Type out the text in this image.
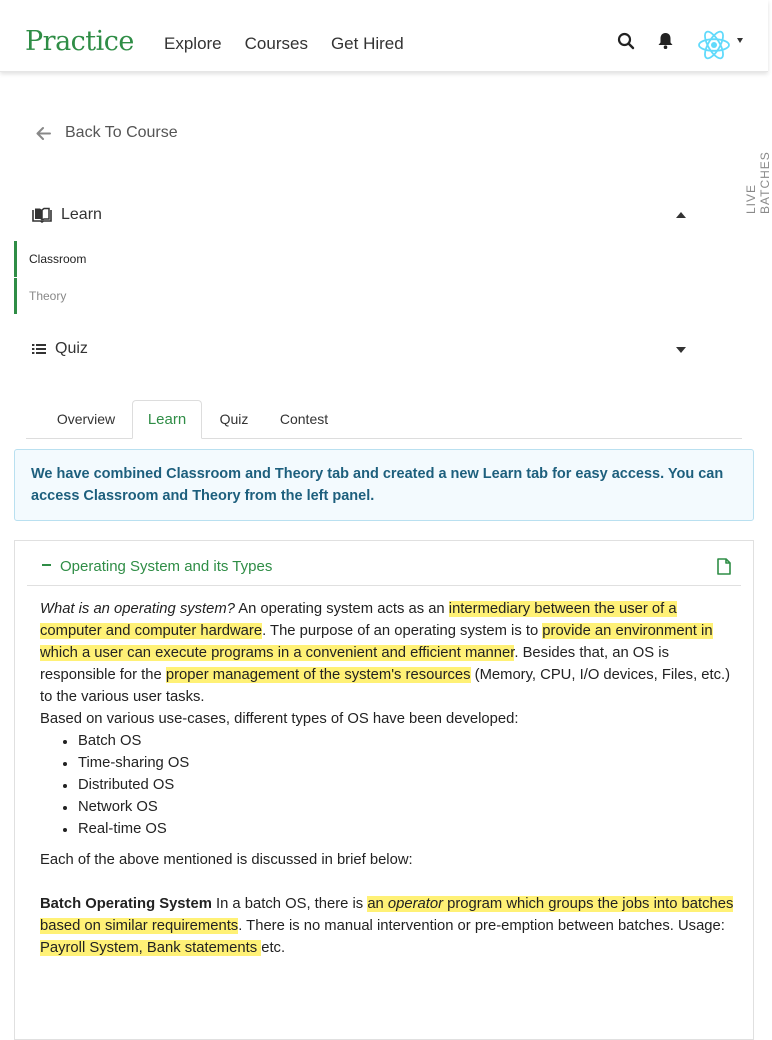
Practice Explore Courses Get Hired
Back To Course
LIVE BATCHES
Learn
Classroom
Theory
Quiz
Overview	Learn	Quiz	Contest
We have combined Classroom and Theory tab and created a new Learn tab for easy access. You can access Classroom and Theory from the left panel.
Operating System and its Types

What is an operating system? An operating system acts as an intermediary between the user of a computer and computer hardware. The purpose of an operating system is to provide an environment in which a user can execute programs in a convenient and efficient manner. Besides that, an OS is responsible for the proper management of the system's resources (Memory, CPU, I/O devices, Files, etc.) to the various user tasks.

Based on various use-cases, different types of OS have been developed:

Batch OS
Time-sharing OS
Distributed OS
Network OS
Real-time OS

Each of the above mentioned is discussed in brief below:

Batch Operating System In a batch OS, there is an operator program which groups the jobs into batches based on similar requirements. There is no manual intervention or pre-emption between batches. Usage: Payroll System, Bank statements etc.
